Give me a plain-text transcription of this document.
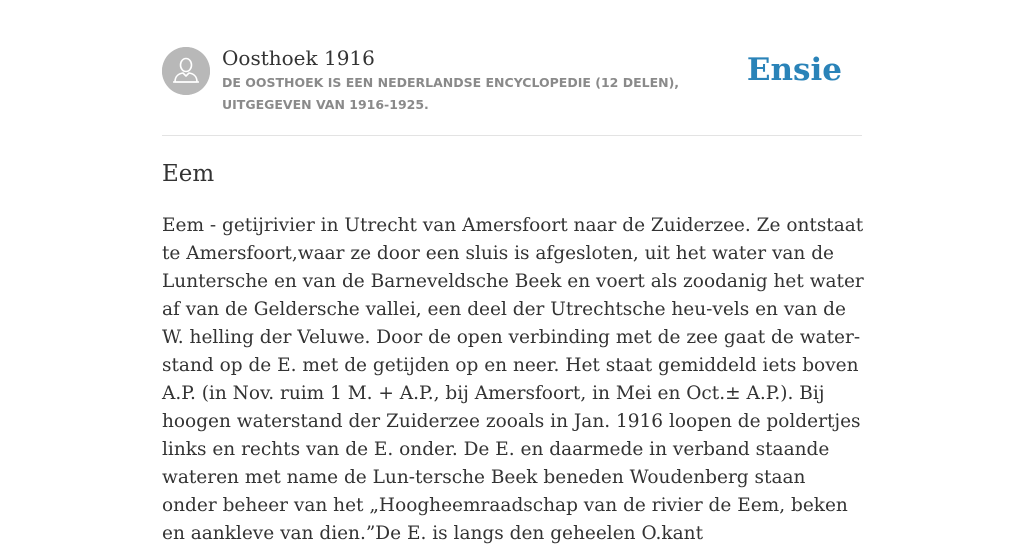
Oosthoek 1916
DE OOSTHOEK IS EEN NEDERLANDSE ENCYCLOPEDIE (12 DELEN), UITGEGEVEN VAN 1916-1925.
Ensie
Eem

Eem - getijrivier in Utrecht van Amersfoort naar de Zuiderzee. Ze ontstaat te Amersfoort,waar ze door een sluis is afgesloten, uit het water van de Luntersche en van de Barneveldsche Beek en voert als zoodanig het water af van de Geldersche vallei, een deel der Utrechtsche heu-vels en van de W. helling der Veluwe. Door de open verbinding met de zee gaat de water-stand op de E. met de getijden op en neer. Het staat gemiddeld iets boven A.P. (in Nov. ruim 1 M. + A.P., bij Amersfoort, in Mei en Oct.± A.P.). Bij hoogen waterstand der Zuiderzee zooals in Jan. 1916 loopen de poldertjes links en rechts van de E. onder. De E. en daarmede in verband staande wateren met name de Lun-tersche Beek beneden Woudenberg staan onder beheer van het „Hoogheemraadschap van de rivier de Eem, beken en aankleve van dien.”De E. is langs den geheelen O.kant
